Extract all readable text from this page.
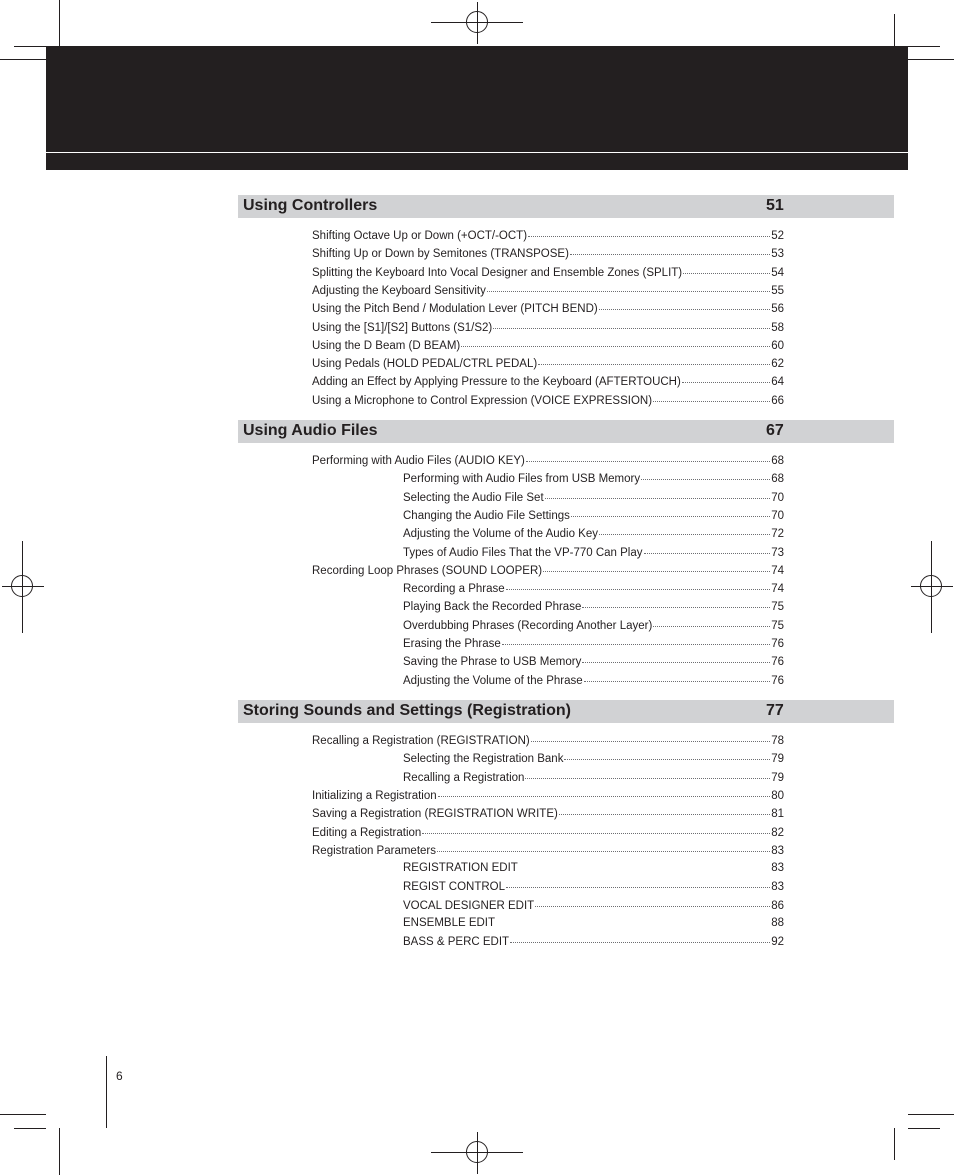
Using Controllers	51
Shifting Octave Up or Down (+OCT/-OCT)	52
Shifting Up or Down by Semitones (TRANSPOSE)	53
Splitting the Keyboard Into Vocal Designer and Ensemble Zones (SPLIT)	54
Adjusting the Keyboard Sensitivity	55
Using the Pitch Bend / Modulation Lever (PITCH BEND)	56
Using the [S1]/[S2] Buttons (S1/S2)	58
Using the D Beam (D BEAM)	60
Using Pedals (HOLD PEDAL/CTRL PEDAL)	62
Adding an Effect by Applying Pressure to the Keyboard (AFTERTOUCH)	64
Using a Microphone to Control Expression (VOICE EXPRESSION)	66
Using Audio Files	67
Performing with Audio Files (AUDIO KEY)	68
Performing with Audio Files from USB Memory	68
Selecting the Audio File Set	70
Changing the Audio File Settings	70
Adjusting the Volume of the Audio Key	72
Types of Audio Files That the VP-770 Can Play	73
Recording Loop Phrases (SOUND LOOPER)	74
Recording a Phrase	74
Playing Back the Recorded Phrase	75
Overdubbing Phrases (Recording Another Layer)	75
Erasing the Phrase	76
Saving the Phrase to USB Memory	76
Adjusting the Volume of the Phrase	76
Storing Sounds and Settings (Registration)	77
Recalling a Registration (REGISTRATION)	78
Selecting the Registration Bank	79
Recalling a Registration	79
Initializing a Registration	80
Saving a Registration (REGISTRATION WRITE)	81
Editing a Registration	82
Registration Parameters	83
REGISTRATION EDIT	83
REGIST CONTROL	83
VOCAL DESIGNER EDIT	86
ENSEMBLE EDIT	88
BASS & PERC EDIT	92
6
